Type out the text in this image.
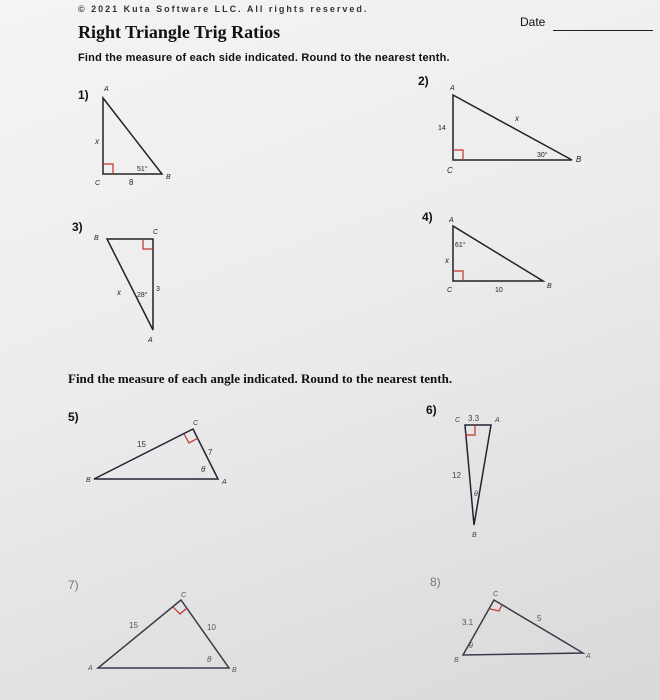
© 2021 Kuta Software LLC. All rights reserved.
Right Triangle Trig Ratios	Date
Find the measure of each side indicated. Round to the nearest tenth.
Find the measure of each angle indicated. Round to the nearest tenth.
1)
2)
3)
4)
5)	6)
7)	8)
A
C
B
x
8
51°
A
C
B
x
14
30°
B
C
A
x	3
28°
A
C
B
x
10
61°
C
B	A
15
7
θ
C	A
B
3.3
12
θ
C
A	B
15	10
θ
C
B
A
3.1	5
θ
